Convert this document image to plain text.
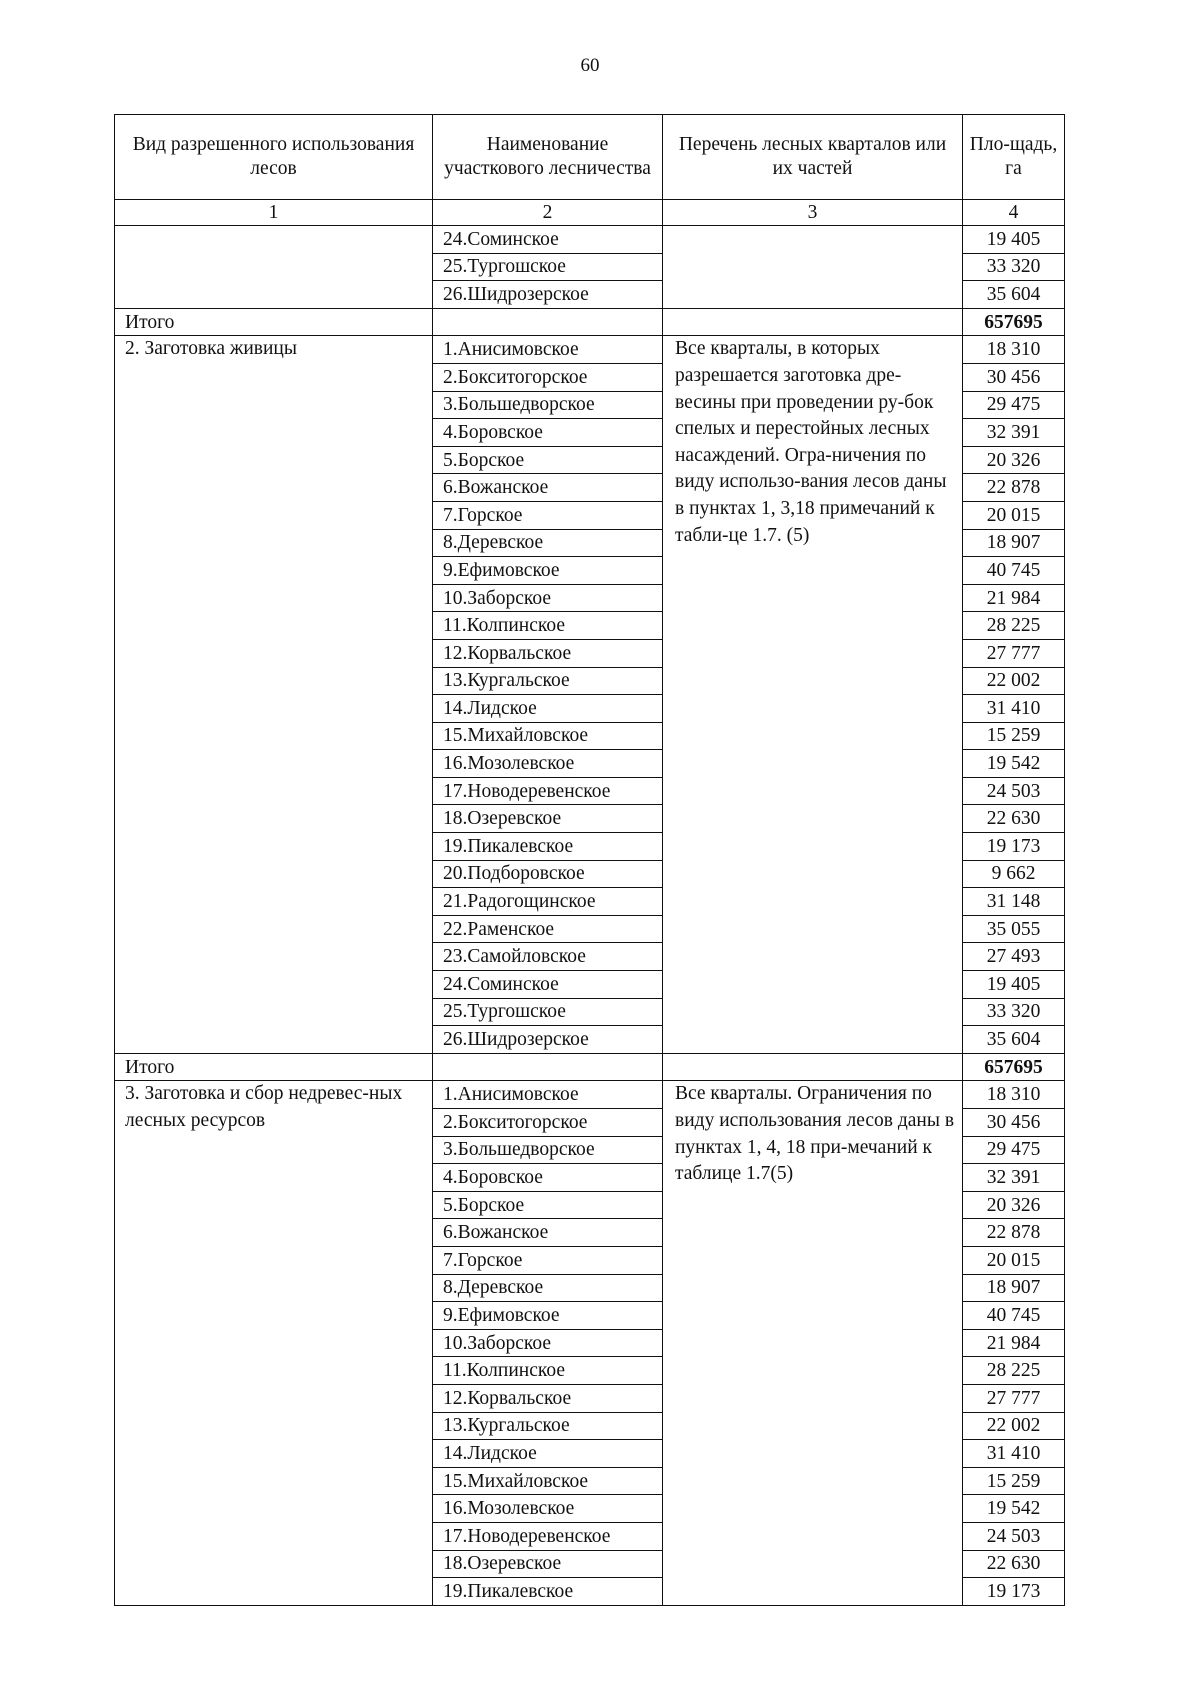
60
Вид разрешенного использования лесов	Наименование участкового лесничества	Перечень лесных кварталов или их частей	Пло-щадь, га
1	2	3	4
	24.Соминское		19 405
	25.Тургошское		33 320
	26.Шидрозерское		35 604
Итого			657695
2. Заготовка живицы	1.Анисимовское	Все кварталы, в которых разрешается заготовка дре-весины при проведении ру-бок спелых и перестойных лесных насаждений. Огра-ничения по виду использо-вания лесов даны в пунктах 1, 3,18 примечаний к табли-це 1.7. (5)	18 310
	2.Бокситогорское		30 456
	3.Большедворское		29 475
	4.Боровское		32 391
	5.Борское		20 326
	6.Вожанское		22 878
	7.Горское		20 015
	8.Деревское		18 907
	9.Ефимовское		40 745
	10.Заборское		21 984
	11.Колпинское		28 225
	12.Корвальское		27 777
	13.Кургальское		22 002
	14.Лидское		31 410
	15.Михайловское		15 259
	16.Мозолевское		19 542
	17.Новодеревенское		24 503
	18.Озеревское		22 630
	19.Пикалевское		19 173
	20.Подборовское		9 662
	21.Радогощинское		31 148
	22.Раменское		35 055
	23.Самойловское		27 493
	24.Соминское		19 405
	25.Тургошское		33 320
	26.Шидрозерское		35 604
Итого			657695
3. Заготовка и сбор недревес-ных лесных ресурсов	1.Анисимовское	Все кварталы. Ограничения по виду использования лесов даны в пунктах 1, 4, 18 при-мечаний к таблице 1.7(5)	18 310
	2.Бокситогорское		30 456
	3.Большедворское		29 475
	4.Боровское		32 391
	5.Борское		20 326
	6.Вожанское		22 878
	7.Горское		20 015
	8.Деревское		18 907
	9.Ефимовское		40 745
	10.Заборское		21 984
	11.Колпинское		28 225
	12.Корвальское		27 777
	13.Кургальское		22 002
	14.Лидское		31 410
	15.Михайловское		15 259
	16.Мозолевское		19 542
	17.Новодеревенское		24 503
	18.Озеревское		22 630
	19.Пикалевское		19 173
